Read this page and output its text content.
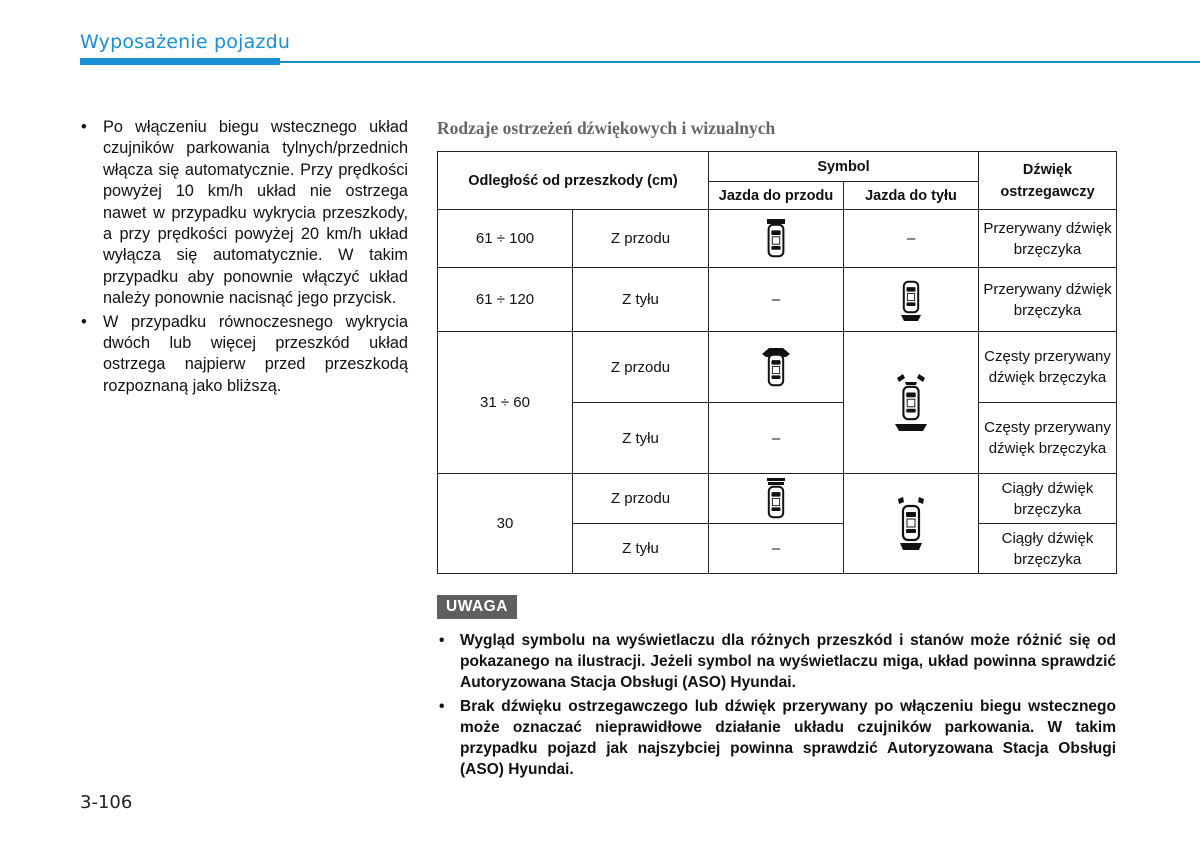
Wyposażenie pojazdu
• Po włączeniu biegu wstecznego układ czujników parkowania tylnych/przednich włącza się automatycznie. Przy prędkości powyżej 10 km/h układ nie ostrzega nawet w przypadku wykrycia przeszkody, a przy prędkości powyżej 20 km/h układ wyłącza się automatycznie. W takim przypadku aby ponownie włączyć układ należy ponownie nacisnąć jego przycisk.
• W przypadku równoczesnego wykrycia dwóch lub więcej przeszkód układ ostrzega najpierw przed przeszkodą rozpoznaną jako bliższą.
Rodzaje ostrzeżeń dźwiękowych i wizualnych
Odległość od przeszkody (cm)		Symbol		Dźwięk ostrzegawczy
		Jazda do przodu	Jazda do tyłu	
61 ÷ 100	Z przodu		–	Przerywany dźwięk brzęczyka
61 ÷ 120	Z tyłu	–		Przerywany dźwięk brzęczyka
31 ÷ 60	Z przodu			Częsty przerywany dźwięk brzęczyka
	Z tyłu	–		Częsty przerywany dźwięk brzęczyka
30	Z przodu			Ciągły dźwięk brzęczyka
	Z tyłu	–		Ciągły dźwięk brzęczyka
UWAGA
• Wygląd symbolu na wyświetlaczu dla różnych przeszkód i stanów może różnić się od pokazanego na ilustracji. Jeżeli symbol na wyświetlaczu miga, układ powinna sprawdzić Autoryzowana Stacja Obsługi (ASO) Hyundai.
• Brak dźwięku ostrzegawczego lub dźwięk przerywany po włączeniu biegu wstecznego może oznaczać nieprawidłowe działanie układu czujników parkowania. W takim przypadku pojazd jak najszybciej powinna sprawdzić Autoryzowana Stacja Obsługi (ASO) Hyundai.
3-106
